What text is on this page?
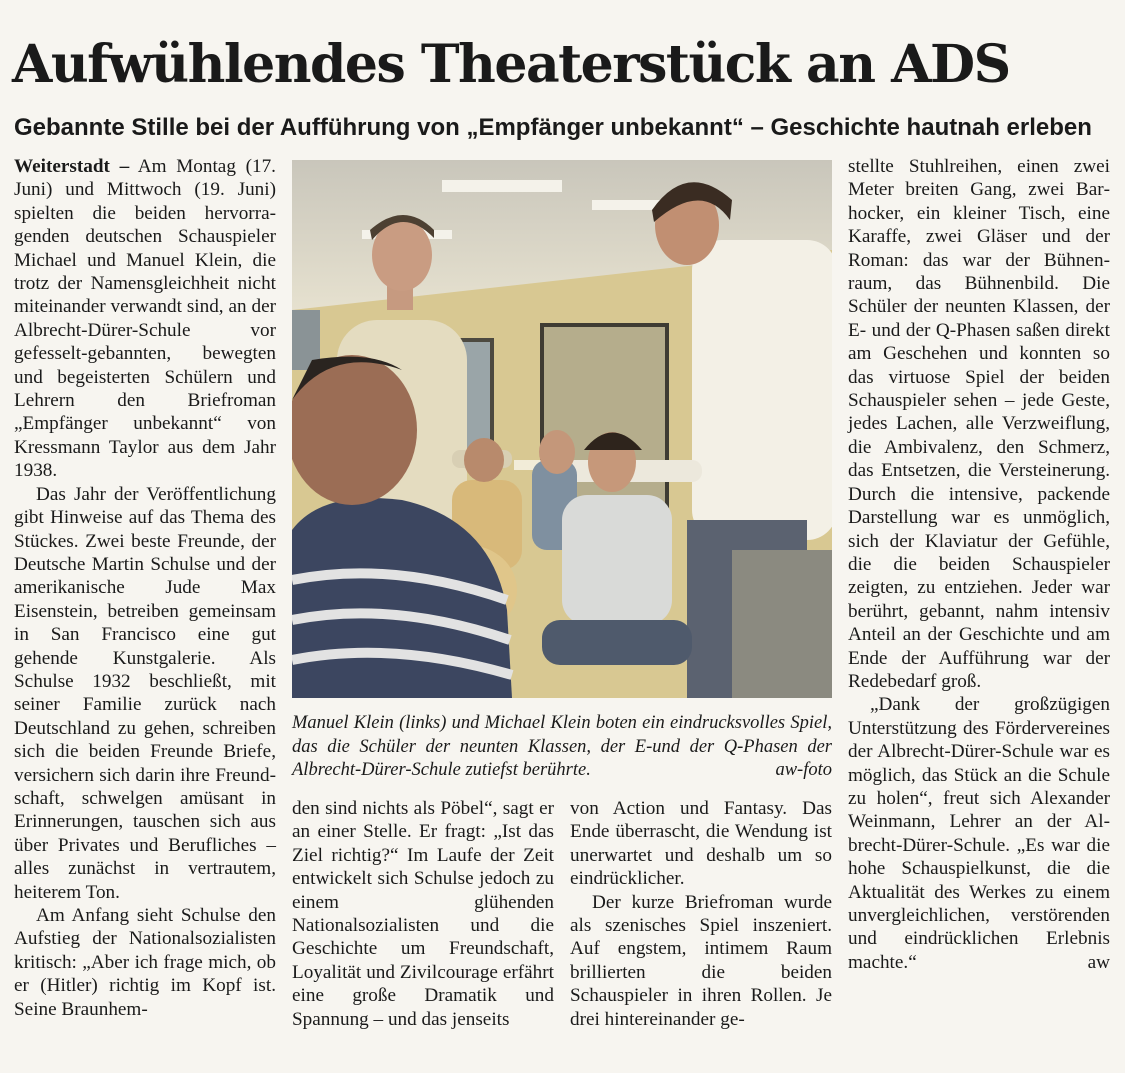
Aufwühlendes Theaterstück an ADS
Gebannte Stille bei der Aufführung von „Empfänger unbekannt“ – Geschichte hautnah erleben

Weiterstadt – Am Montag (17. Juni) und Mittwoch (19. Juni) spielten die beiden hervorragenden deutschen Schauspieler Michael und Manuel Klein, die trotz der Namensgleichheit nicht miteinander verwandt sind, an der Albrecht-Dürer-Schule vor gefesselt-gebannten, bewegten und begeisterten Schülern und Lehrern den Briefroman „Empfänger unbekannt“ von Kressmann Taylor aus dem Jahr 1938.

Das Jahr der Veröffentlichung gibt Hinweise auf das Thema des Stückes. Zwei beste Freunde, der Deutsche Martin Schulse und der amerikanische Jude Max Eisenstein, betreiben gemeinsam in San Francisco eine gut gehende Kunstgalerie. Als Schulse 1932 beschließt, mit seiner Familie zurück nach Deutschland zu gehen, schreiben sich die beiden Freunde Briefe, versichern sich darin ihre Freundschaft, schwelgen amüsant in Erinnerungen, tauschen sich aus über Privates und Berufliches – alles zunächst in vertrautem, heiterem Ton.

Am Anfang sieht Schulse den Aufstieg der Nationalsozialisten kritisch: „Aber ich frage mich, ob er (Hitler) richtig im Kopf ist. Seine Braunhem-

Manuel Klein (links) und Michael Klein boten ein eindrucksvolles Spiel, das die Schüler der neunten Klassen, der E-und der Q-Phasen der Albrecht-Dürer-Schule zutiefst berührte.	aw-foto

den sind nichts als Pöbel“, sagt er an einer Stelle. Er fragt: „Ist das Ziel richtig?“ Im Laufe der Zeit entwickelt sich Schulse jedoch zu einem glühenden Nationalsozialisten und die Geschichte um Freundschaft, Loyalität und Zivilcourage erfährt eine große Dramatik und Spannung – und das jenseits

von Action und Fantasy. Das Ende überrascht, die Wendung ist unerwartet und deshalb um so eindrücklicher.

Der kurze Briefroman wurde als szenisches Spiel inszeniert. Auf engstem, intimem Raum brillierten die beiden Schauspieler in ihren Rollen. Je drei hintereinander ge-

stellte Stuhlreihen, einen zwei Meter breiten Gang, zwei Barhocker, ein kleiner Tisch, eine Karaffe, zwei Gläser und der Roman: das war der Bühnenraum, das Bühnenbild. Die Schüler der neunten Klassen, der E- und der Q-Phasen saßen direkt am Geschehen und konnten so das virtuose Spiel der beiden Schauspieler sehen – jede Geste, jedes Lachen, alle Verzweiflung, die Ambivalenz, den Schmerz, das Entsetzen, die Versteinerung. Durch die intensive, packende Darstellung war es unmöglich, sich der Klaviatur der Gefühle, die die beiden Schauspieler zeigten, zu entziehen. Jeder war berührt, gebannt, nahm intensiv Anteil an der Geschichte und am Ende der Aufführung war der Redebedarf groß.

„Dank der großzügigen Unterstützung des Fördervereines der Albrecht-Dürer-Schule war es möglich, das Stück an die Schule zu holen“, freut sich Alexander Weinmann, Lehrer an der Albrecht-Dürer-Schule. „Es war die hohe Schauspielkunst, die die Aktualität des Werkes zu einem unvergleichlichen, verstörenden und eindrücklichen Erlebnis machte.“	aw
